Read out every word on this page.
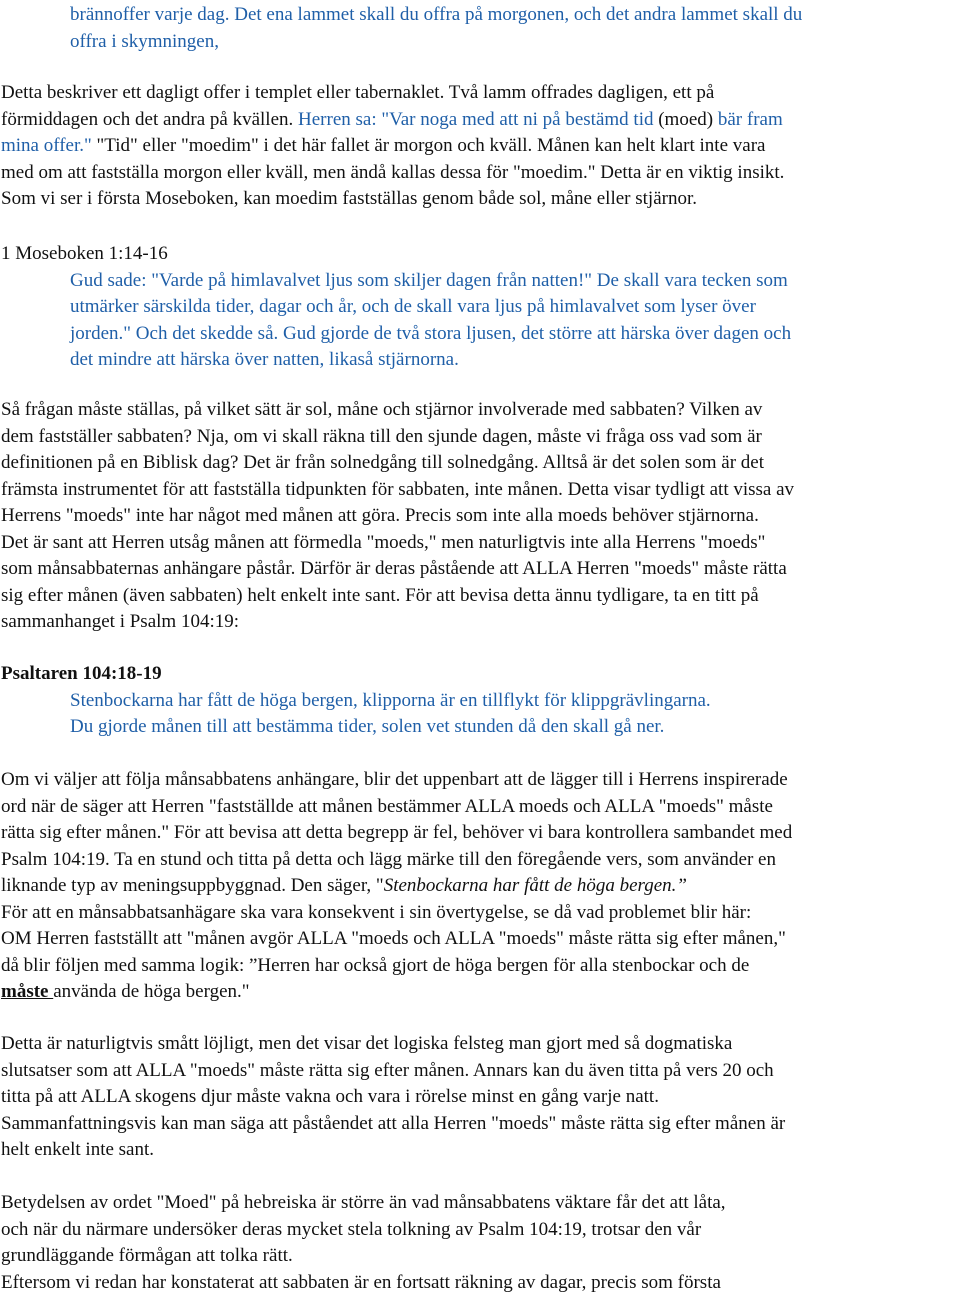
brännoffer varje dag. Det ena lammet skall du offra på morgonen, och det andra lammet skall du
offra i skymningen,
Detta beskriver ett dagligt offer i templet eller tabernaklet. Två lamm offrades dagligen, ett på
förmiddagen och det andra på kvällen. Herren sa: "Var noga med att ni på bestämd tid (moed) bär fram
mina offer." "Tid" eller "moedim" i det här fallet är morgon och kväll. Månen kan helt klart inte vara
med om att fastställa morgon eller kväll, men ändå kallas dessa för "moedim." Detta är en viktig insikt.
Som vi ser i första Moseboken, kan moedim fastställas genom både sol, måne eller stjärnor.
1 Moseboken 1:14-16
Gud sade: "Varde på himlavalvet ljus som skiljer dagen från natten!" De skall vara tecken som
utmärker särskilda tider, dagar och år, och de skall vara ljus på himlavalvet som lyser över
jorden." Och det skedde så. Gud gjorde de två stora ljusen, det större att härska över dagen och
det mindre att härska över natten, likaså stjärnorna.
Så frågan måste ställas, på vilket sätt är sol, måne och stjärnor involverade med sabbaten? Vilken av
dem fastställer sabbaten? Nja, om vi skall räkna till den sjunde dagen, måste vi fråga oss vad som är
definitionen på en Biblisk dag? Det är från solnedgång till solnedgång. Alltså är det solen som är det
främsta instrumentet för att fastställa tidpunkten för sabbaten, inte månen. Detta visar tydligt att vissa av
Herrens "moeds" inte har något med månen att göra. Precis som inte alla moeds behöver stjärnorna.
Det är sant att Herren utsåg månen att förmedla "moeds," men naturligtvis inte alla Herrens "moeds"
som månsabbaternas anhängare påstår. Därför är deras påstående att ALLA Herren "moeds" måste rätta
sig efter månen (även sabbaten) helt enkelt inte sant. För att bevisa detta ännu tydligare, ta en titt på
sammanhanget i Psalm 104:19:
Psaltaren 104:18-19
Stenbockarna har fått de höga bergen, klipporna är en tillflykt för klippgrävlingarna.
Du gjorde månen till att bestämma tider, solen vet stunden då den skall gå ner.
Om vi väljer att följa månsabbatens anhängare, blir det uppenbart att de lägger till i Herrens inspirerade
ord när de säger att Herren "fastställde att månen bestämmer ALLA moeds och ALLA "moeds" måste
rätta sig efter månen." För att bevisa att detta begrepp är fel, behöver vi bara kontrollera sambandet med
Psalm 104:19. Ta en stund och titta på detta och lägg märke till den föregående vers, som använder en
liknande typ av meningsuppbyggnad. Den säger, "Stenbockarna har fått de höga bergen.”
För att en månsabbatsanhägare ska vara konsekvent i sin övertygelse, se då vad problemet blir här:
OM Herren fastställt att "månen avgör ALLA "moeds och ALLA "moeds" måste rätta sig efter månen,"
då blir följen med samma logik: ”Herren har också gjort de höga bergen för alla stenbockar och de
måste använda de höga bergen."
Detta är naturligtvis smått löjligt, men det visar det logiska felsteg man gjort med så dogmatiska
slutsatser som att ALLA "moeds" måste rätta sig efter månen. Annars kan du även titta på vers 20 och
titta på att ALLA skogens djur måste vakna och vara i rörelse minst en gång varje natt.
Sammanfattningsvis kan man säga att påståendet att alla Herren "moeds" måste rätta sig efter månen är
helt enkelt inte sant.
Betydelsen av ordet "Moed" på hebreiska är större än vad månsabbatens väktare får det att låta,
och när du närmare undersöker deras mycket stela tolkning av Psalm 104:19, trotsar den vår
grundläggande förmågan att tolka rätt.
Eftersom vi redan har konstaterat att sabbaten är en fortsatt räkning av dagar, precis som första
